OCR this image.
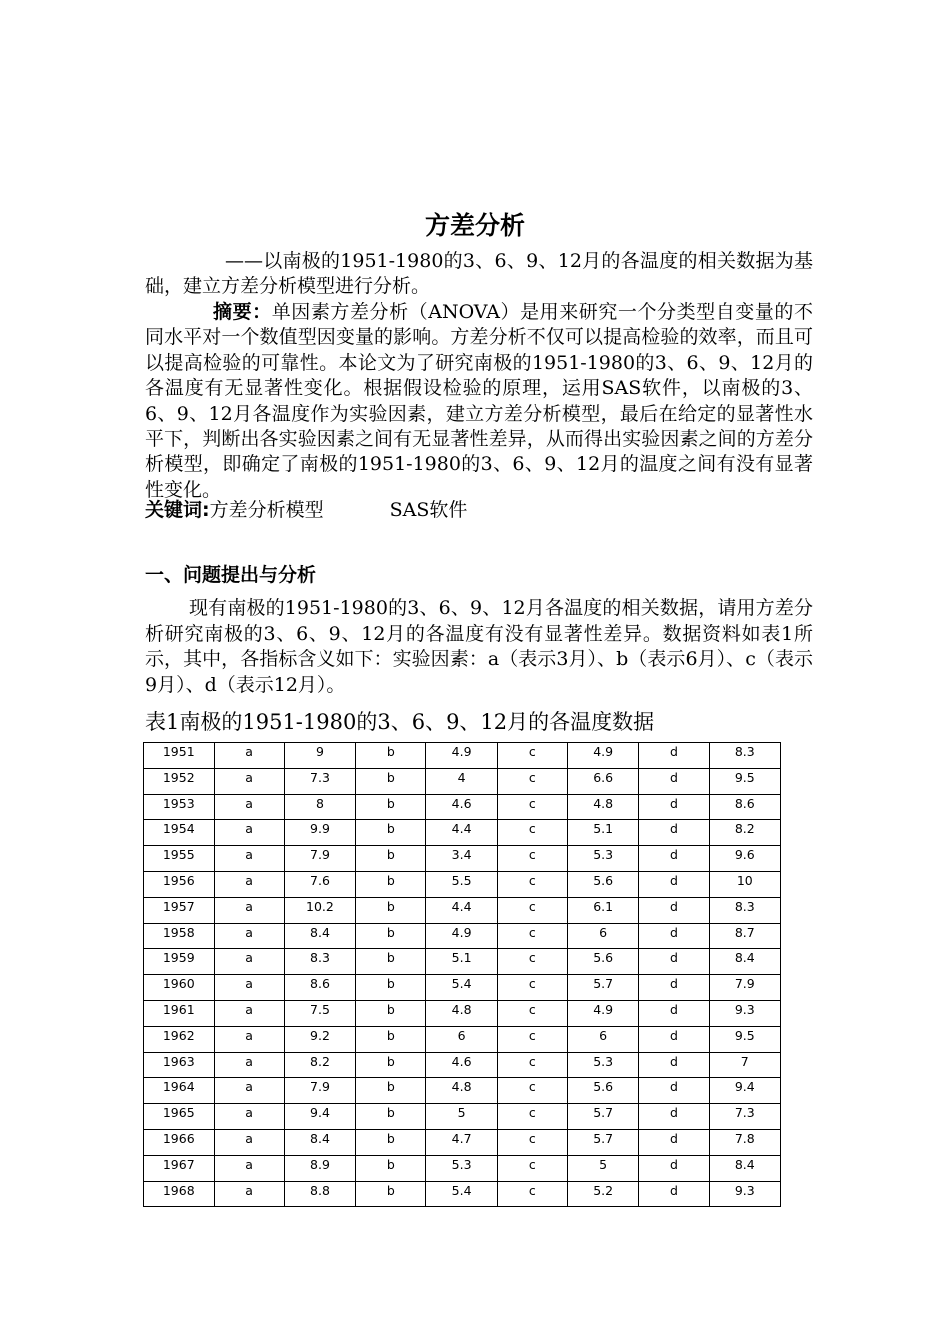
方差分析
——以南极的1951-1980的3、6、9、12月的各温度的相关数据为基础，建立方差分析模型进行分析。
摘要：单因素方差分析（ANOVA）是用来研究一个分类型自变量的不同水平对一个数值型因变量的影响。方差分析不仅可以提高检验的效率，而且可以提高检验的可靠性。本论文为了研究南极的1951-1980的3、6、9、12月的各温度有无显著性变化。根据假设检验的原理，运用SAS软件，以南极的3、6、9、12月各温度作为实验因素，建立方差分析模型，最后在给定的显著性水平下，判断出各实验因素之间有无显著性差异，从而得出实验因素之间的方差分析模型，即确定了南极的1951-1980的3、6、9、12月的温度之间有没有显著性变化。
关键词:方差分析模型	SAS软件
一、问题提出与分析
现有南极的1951-1980的3、6、9、12月各温度的相关数据，请用方差分析研究南极的3、6、9、12月的各温度有没有显著性差异。数据资料如表1所示，其中，各指标含义如下：实验因素：a（表示3月）、b（表示6月）、c（表示9月）、d（表示12月）。
表1南极的1951-1980的3、6、9、12月的各温度数据
1951	a	9	b	4.9	c	4.9	d	8.3
1952	a	7.3	b	4	c	6.6	d	9.5
1953	a	8	b	4.6	c	4.8	d	8.6
1954	a	9.9	b	4.4	c	5.1	d	8.2
1955	a	7.9	b	3.4	c	5.3	d	9.6
1956	a	7.6	b	5.5	c	5.6	d	10
1957	a	10.2	b	4.4	c	6.1	d	8.3
1958	a	8.4	b	4.9	c	6	d	8.7
1959	a	8.3	b	5.1	c	5.6	d	8.4
1960	a	8.6	b	5.4	c	5.7	d	7.9
1961	a	7.5	b	4.8	c	4.9	d	9.3
1962	a	9.2	b	6	c	6	d	9.5
1963	a	8.2	b	4.6	c	5.3	d	7
1964	a	7.9	b	4.8	c	5.6	d	9.4
1965	a	9.4	b	5	c	5.7	d	7.3
1966	a	8.4	b	4.7	c	5.7	d	7.8
1967	a	8.9	b	5.3	c	5	d	8.4
1968	a	8.8	b	5.4	c	5.2	d	9.3
